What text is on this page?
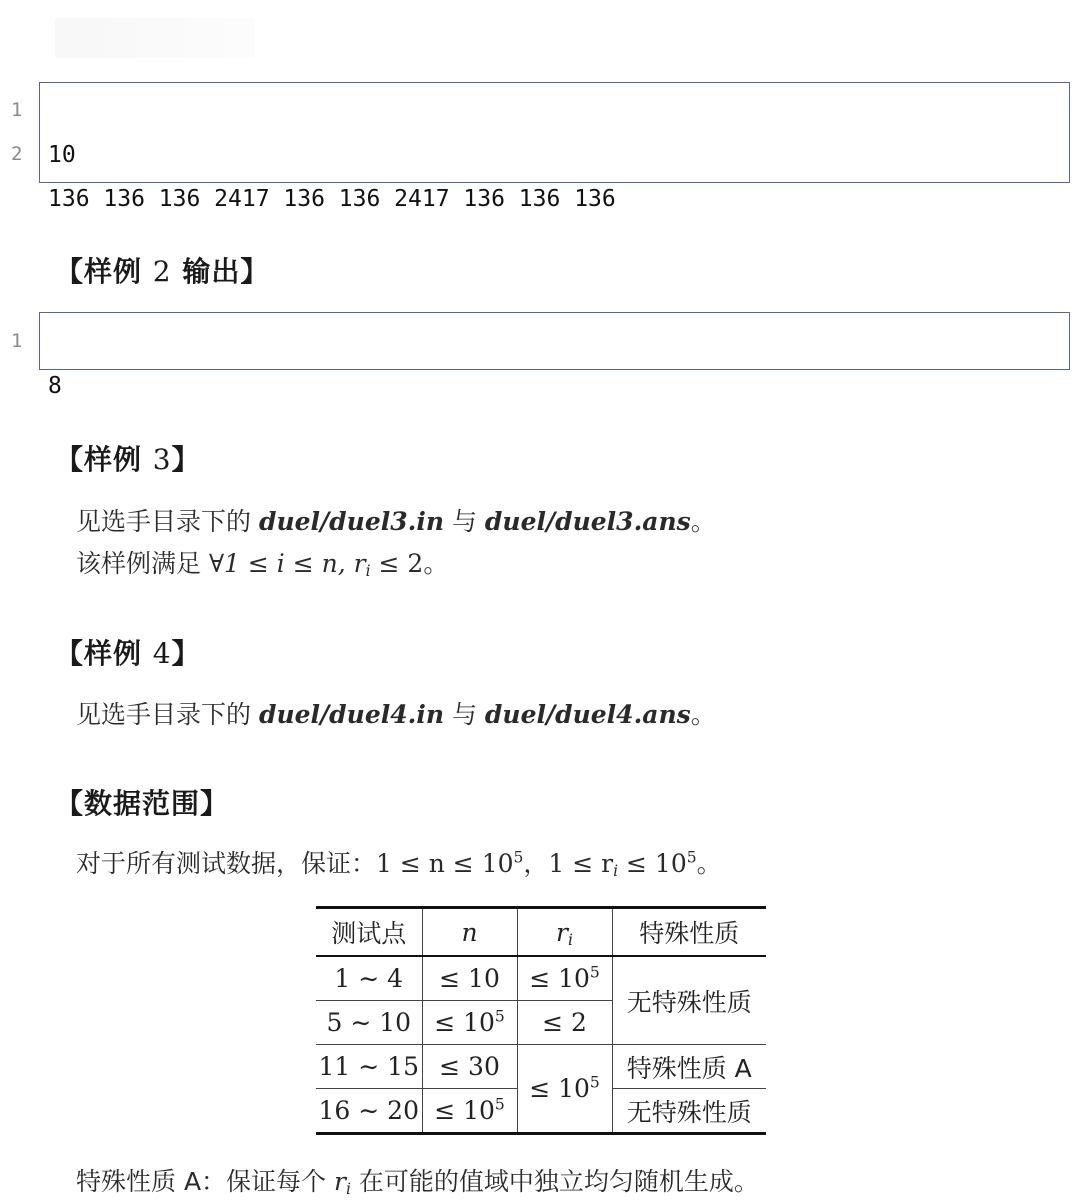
1
2

	10

136 136 136 2417 136 136 2417 136 136 136

【样例 2 输出】
1

8

【样例 3】
见选手目录下的 duel/duel3.in 与 duel/duel3.ans。
该样例满足 ∀1 ≤ i ≤ n, $r_i \le 2$。
【样例 4】
见选手目录下的 duel/duel4.in 与 duel/duel4.ans。
【数据范围】
对于所有测试数据，保证：$1 \le n \le 10^5$，$1 \le r_i \le 10^5$。
测试点	n	$r_i$	特殊性质
1 ∼ 4	≤ 10	≤ $10^5$	无特殊性质
5 ∼ 10	≤ $10^5$	≤ 2	
11 ∼ 15	≤ 30	≤ $10^5$	特殊性质 A
16 ∼ 20	≤ $10^5$		无特殊性质
特殊性质 A：保证每个 $r_i$ 在可能的值域中独立均匀随机生成。
